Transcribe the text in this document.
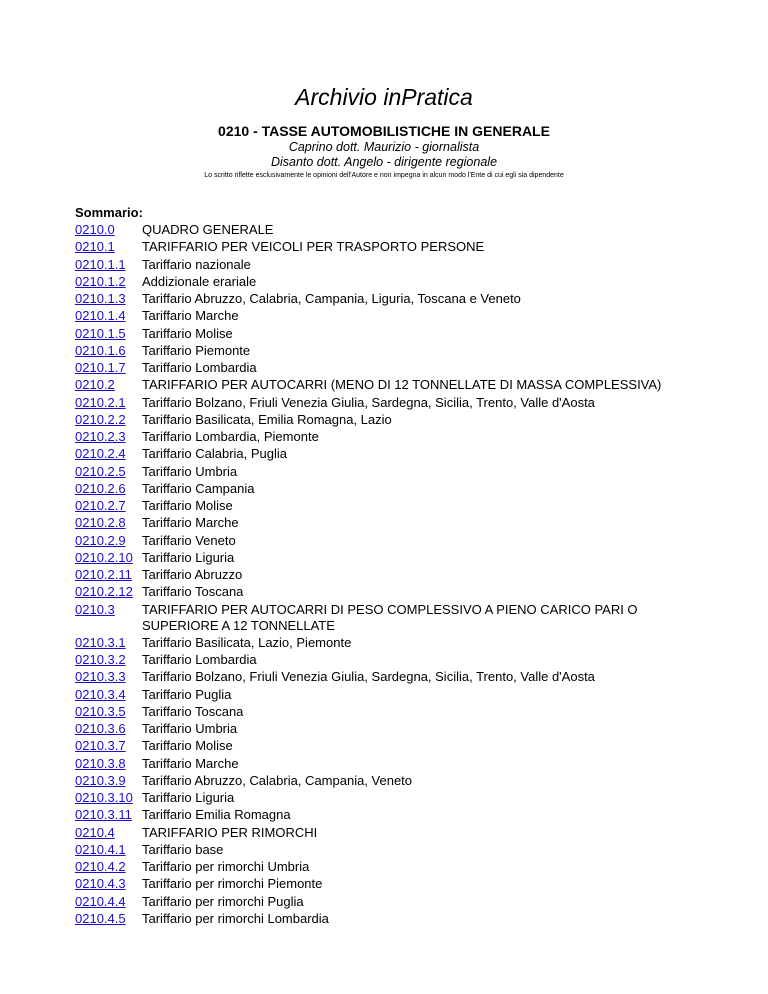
Archivio inPratica
0210 - TASSE AUTOMOBILISTICHE IN GENERALE
Caprino dott. Maurizio - giornalista
Disanto dott. Angelo - dirigente regionale
Lo scritto riflette esclusivamente le opinioni dell'Autore e non impegna in alcun modo l'Ente di cui egli sia dipendente
Sommario:
0210.0	QUADRO GENERALE
0210.1	TARIFFARIO PER VEICOLI PER TRASPORTO PERSONE
0210.1.1	Tariffario nazionale
0210.1.2	Addizionale erariale
0210.1.3	Tariffario Abruzzo, Calabria, Campania, Liguria, Toscana e Veneto
0210.1.4	Tariffario Marche
0210.1.5	Tariffario Molise
0210.1.6	Tariffario Piemonte
0210.1.7	Tariffario Lombardia
0210.2	TARIFFARIO PER AUTOCARRI (MENO DI 12 TONNELLATE DI MASSA COMPLESSIVA)
0210.2.1	Tariffario Bolzano, Friuli Venezia Giulia, Sardegna, Sicilia, Trento, Valle d'Aosta
0210.2.2	Tariffario Basilicata, Emilia Romagna, Lazio
0210.2.3	Tariffario Lombardia, Piemonte
0210.2.4	Tariffario Calabria, Puglia
0210.2.5	Tariffario Umbria
0210.2.6	Tariffario Campania
0210.2.7	Tariffario Molise
0210.2.8	Tariffario Marche
0210.2.9	Tariffario Veneto
0210.2.10 Tariffario Liguria
0210.2.11 Tariffario Abruzzo
0210.2.12 Tariffario Toscana
0210.3	TARIFFARIO PER AUTOCARRI DI PESO COMPLESSIVO A PIENO CARICO PARI O SUPERIORE A 12 TONNELLATE
0210.3.1	Tariffario Basilicata, Lazio, Piemonte
0210.3.2	Tariffario Lombardia
0210.3.3	Tariffario Bolzano, Friuli Venezia Giulia, Sardegna, Sicilia, Trento, Valle d'Aosta
0210.3.4	Tariffario Puglia
0210.3.5	Tariffario Toscana
0210.3.6	Tariffario Umbria
0210.3.7	Tariffario Molise
0210.3.8	Tariffario Marche
0210.3.9	Tariffario Abruzzo, Calabria, Campania, Veneto
0210.3.10 Tariffario Liguria
0210.3.11 Tariffario Emilia Romagna
0210.4	TARIFFARIO PER RIMORCHI
0210.4.1	Tariffario base
0210.4.2	Tariffario per rimorchi Umbria
0210.4.3	Tariffario per rimorchi Piemonte
0210.4.4	Tariffario per rimorchi Puglia
0210.4.5	Tariffario per rimorchi Lombardia
